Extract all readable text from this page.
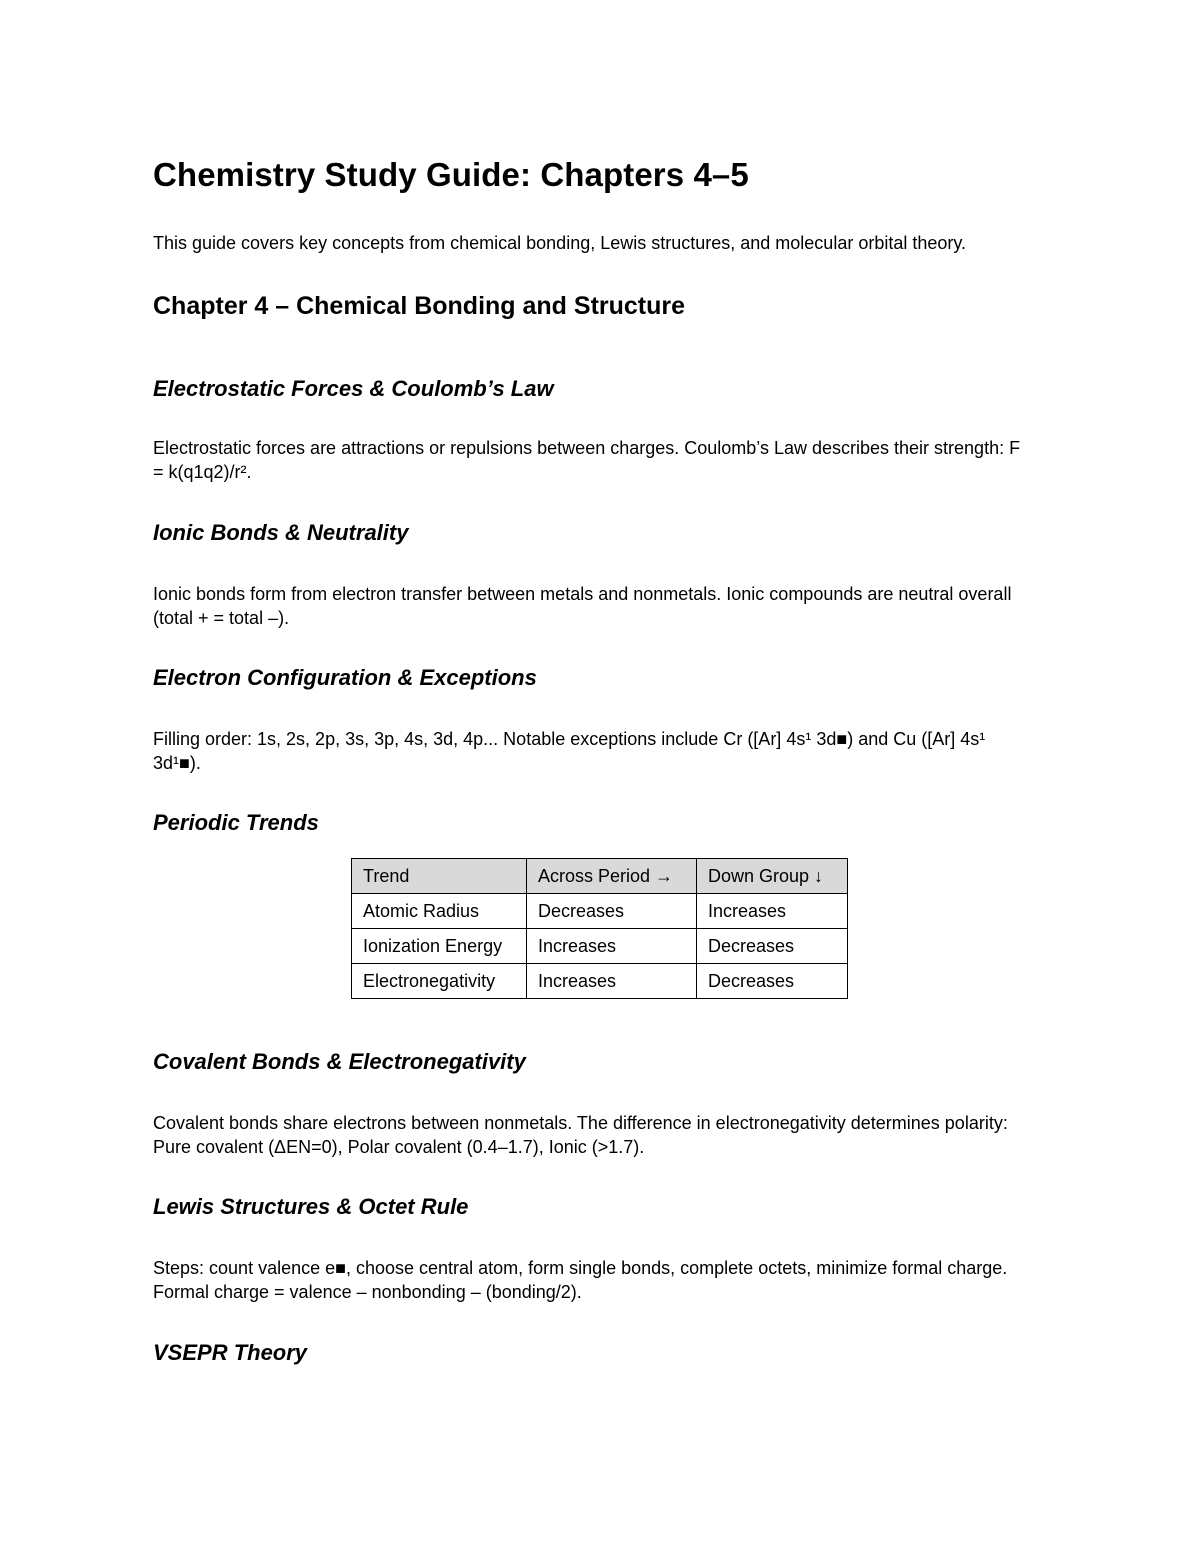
Chemistry Study Guide: Chapters 4–5

This guide covers key concepts from chemical bonding, Lewis structures, and molecular orbital theory.

Chapter 4 – Chemical Bonding and Structure
Electrostatic Forces & Coulomb’s Law

Electrostatic forces are attractions or repulsions between charges. Coulomb’s Law describes their strength: F = k(q1q2)/r².

Ionic Bonds & Neutrality

Ionic bonds form from electron transfer between metals and nonmetals. Ionic compounds are neutral overall (total + = total –).

Electron Configuration & Exceptions

Filling order: 1s, 2s, 2p, 3s, 3p, 4s, 3d, 4p... Notable exceptions include Cr ([Ar] 4s¹ 3d■) and Cu ([Ar] 4s¹ 3d¹■).

Periodic Trends
Trend	Across Period →	Down Group ↓
Atomic Radius	Decreases	Increases
Ionization Energy	Increases	Decreases
Electronegativity	Increases	Decreases
Covalent Bonds & Electronegativity

Covalent bonds share electrons between nonmetals. The difference in electronegativity determines polarity: Pure covalent (ΔEN=0), Polar covalent (0.4–1.7), Ionic (>1.7).

Lewis Structures & Octet Rule

Steps: count valence e■, choose central atom, form single bonds, complete octets, minimize formal charge. Formal charge = valence – nonbonding – (bonding/2).

VSEPR Theory
